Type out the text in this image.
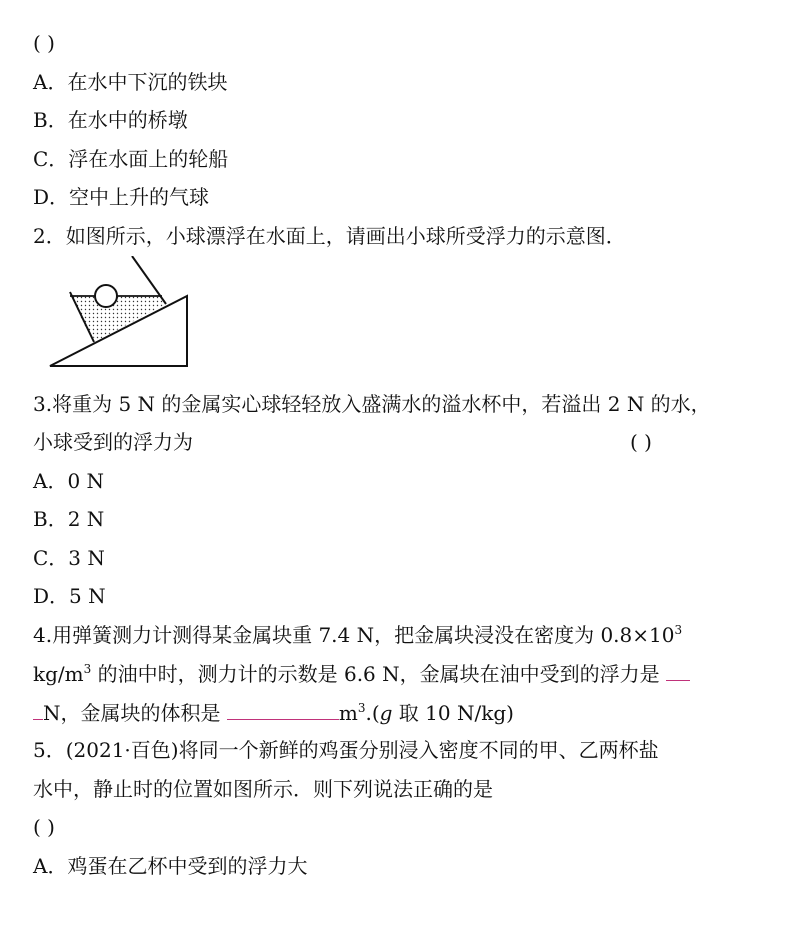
( )
A．在水中下沉的铁块
B．在水中的桥墩
C．浮在水面上的轮船
D．空中上升的气球
2．如图所示，小球漂浮在水面上，请画出小球所受浮力的示意图．
3.将重为 5 N 的金属实心球轻轻放入盛满水的溢水杯中，若溢出 2 N 的水，
小球受到的浮力为	( )
A．0 N
B．2 N
C．3 N
D．5 N
4.用弹簧测力计测得某金属块重 7.4 N，把金属块浸没在密度为 $0.8\times 10^3$
$kg/m^3$ 的油中时，测力计的示数是 6.6 N，金属块在油中受到的浮力是
N，金属块的体积是	$m^3.(g$ 取 10 N/kg)
5．(2021·百色)将同一个新鲜的鸡蛋分别浸入密度不同的甲、乙两杯盐
水中，静止时的位置如图所示．则下列说法正确的是
( )
A．鸡蛋在乙杯中受到的浮力大
